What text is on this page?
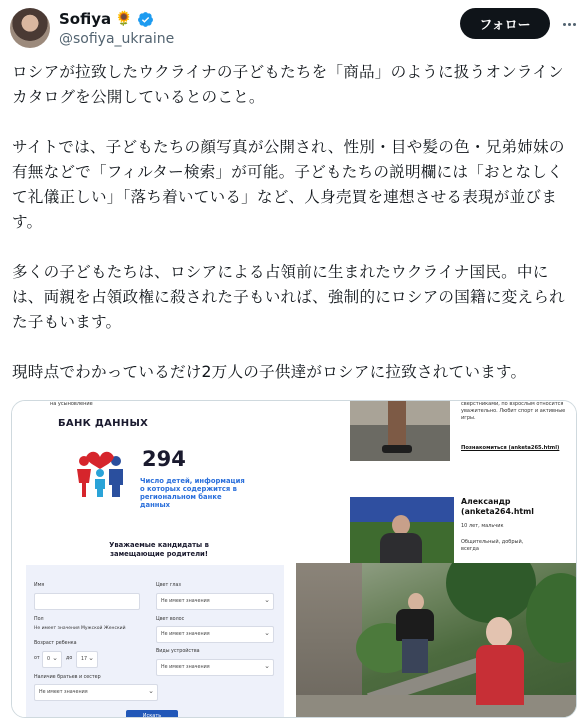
Sofiya 🌻
@sofiya_ukraine
フォロー

ロシアが拉致したウクライナの子どもたちを「商品」のように扱うオンラインカタログを公開しているとのこと。

サイトでは、子どもたちの顔写真が公開され、性別・目や髪の色・兄弟姉妹の有無などで「フィルター検索」が可能。子どもたちの説明欄には「おとなしくて礼儀正しい」「落ち着いている」など、人身売買を連想させる表現が並びます。

多くの子どもたちは、ロシアによる占領前に生まれたウクライナ国民。中には、両親を占領政権に殺された子もいれば、強制的にロシアの国籍に変えられた子もいます。

現時点でわかっているだけ2万人の子供達がロシアに拉致されています。

на усыновление
БАНК ДАННЫХ
294
Число детей, информация о которых содержится в региональном банке данных
Уважаемые кандидаты в замещающие родители!
Имя	Цвет глаз
Не имеет значения ⌄
Пол
Не имеет значения Мужской Женский
Цвет волос
Не имеет значения ⌄
Возраст ребенка
от	0 ⌄	до	17 ⌄
Виды устройства
Не имеет значения ⌄
Наличие братьев и сестер
Не имеет значения ⌄
Искать
сверстниками, по взрослым относится уважительно. Любит спорт и активные игры.
Познакомиться (anketa265.html)
Александр (anketa264.html
10 лет, мальчик
Общительный, добрый, всегда
